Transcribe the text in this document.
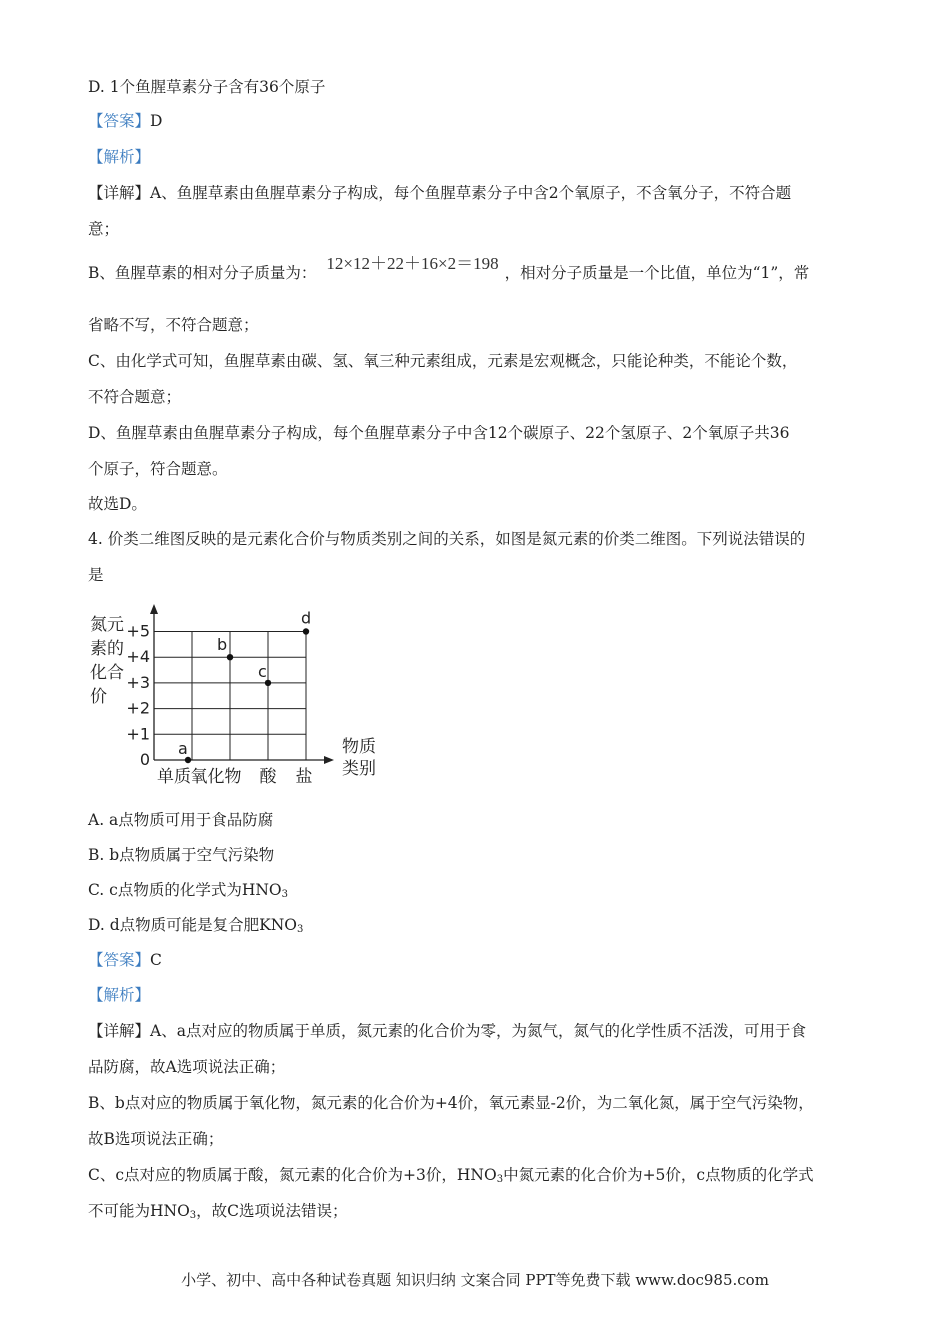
D. 1个鱼腥草素分子含有36个原子
【答案】D
【解析】
【详解】A、鱼腥草素由鱼腥草素分子构成，每个鱼腥草素分子中含2个氧原子，不含氧分子，不符合题
意；
B、鱼腥草素的相对分子质量为： 12×12＋22＋16×2＝198 ，相对分子质量是一个比值，单位为“1”，常
省略不写，不符合题意；
C、由化学式可知，鱼腥草素由碳、氢、氧三种元素组成，元素是宏观概念，只能论种类，不能论个数，
不符合题意；
D、鱼腥草素由鱼腥草素分子构成，每个鱼腥草素分子中含12个碳原子、22个氢原子、2个氧原子共36
个原子，符合题意。
故选D。
4. 价类二维图反映的是元素化合价与物质类别之间的关系，如图是氮元素的价类二维图。下列说法错误的
是
0
+1
+2
+3
+4
+5
氮元
素的
化合
价
单质 氧化物 酸 盐
物质
类别
a
b
c
d
A. a点物质可用于食品防腐
B. b点物质属于空气污染物
C. c点物质的化学式为$HNO_3$
D. d点物质可能是复合肥$KNO_3$
【答案】C
【解析】
【详解】A、a点对应的物质属于单质，氮元素的化合价为零，为氮气，氮气的化学性质不活泼，可用于食
品防腐，故A选项说法正确；
B、b点对应的物质属于氧化物，氮元素的化合价为+4价，氧元素显-2价，为二氧化氮，属于空气污染物，
故B选项说法正确；
C、c点对应的物质属于酸，氮元素的化合价为+3价，$HNO_3$中氮元素的化合价为+5价，c点物质的化学式
不可能为$HNO_3$，故C选项说法错误；
小学、初中、高中各种试卷真题 知识归纳 文案合同 PPT等免费下载 www.doc985.com
